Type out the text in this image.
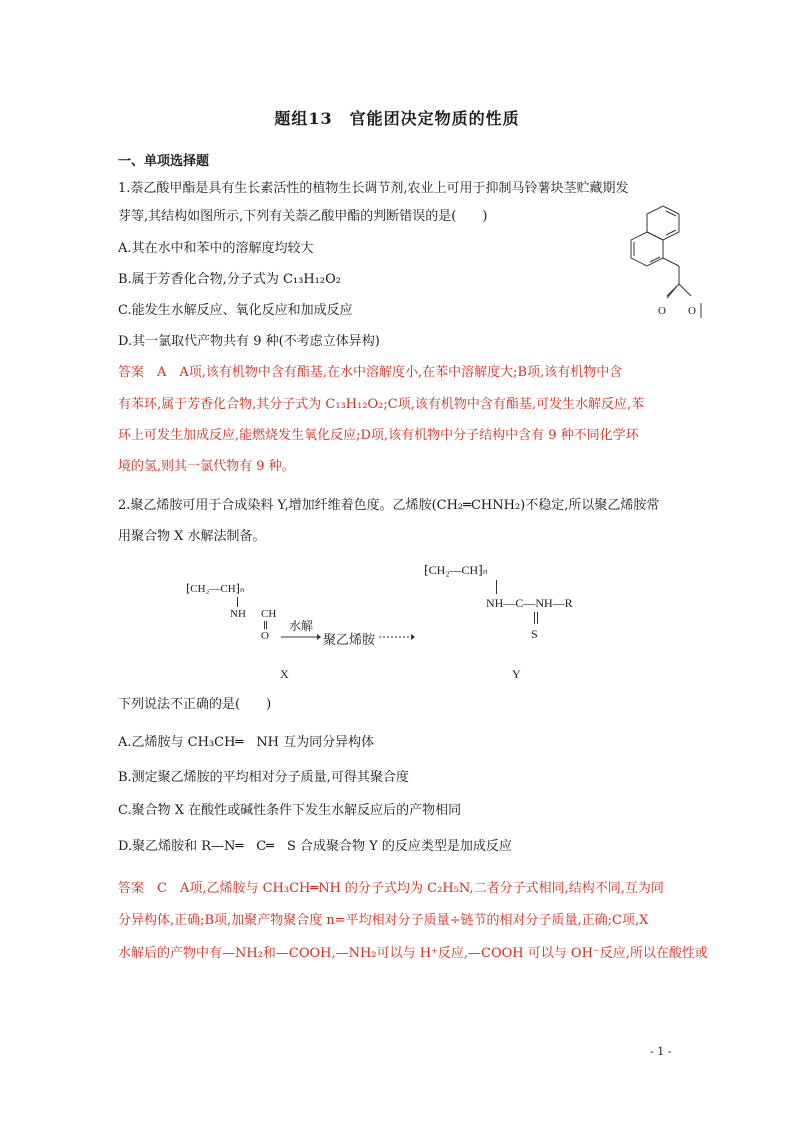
题组13　官能团决定物质的性质
一、单项选择题
1.萘乙酸甲酯是具有生长素活性的植物生长调节剂,农业上可用于抑制马铃薯块茎贮藏期发
芽等,其结构如图所示,下列有关萘乙酸甲酯的判断错误的是(　　)
A.其在水中和苯中的溶解度均较大
B.属于芳香化合物,分子式为 C₁₃H₁₂O₂
C.能发生水解反应、氧化反应和加成反应
D.其一氯取代产物共有 9 种(不考虑立体异构)
O O
答案　A　A项,该有机物中含有酯基,在水中溶解度小,在苯中溶解度大;B项,该有机物中含
有苯环,属于芳香化合物,其分子式为 C₁₃H₁₂O₂;C项,该有机物中含有酯基,可发生水解反应,苯
环上可发生加成反应,能燃烧发生氧化反应;D项,该有机物中分子结构中含有 9 种不同化学环
境的氢,则其一氯代物有 9 种。
2.聚乙烯胺可用于合成染料 Y,增加纤维着色度。乙烯胺(CH₂═CHNH₂)不稳定,所以聚乙烯胺常
用聚合物 X 水解法制备。
⁅CH₂—CH⁆ₙ
NH CH
O
水解
→ 聚乙烯胺 →
⁅CH₂—CH⁆ₙ
NH—C—NH—R
S
X	Y
下列说法不正确的是(　　)
A.乙烯胺与 CH₃CH═　NH 互为同分异构体
B.测定聚乙烯胺的平均相对分子质量,可得其聚合度
C.聚合物 X 在酸性或碱性条件下发生水解反应后的产物相同
D.聚乙烯胺和 R—N═　C═　S 合成聚合物 Y 的反应类型是加成反应
答案　C　A项,乙烯胺与 CH₃CH═NH 的分子式均为 C₂H₅N,二者分子式相同,结构不同,互为同
分异构体,正确;B项,加聚产物聚合度 n=平均相对分子质量÷链节的相对分子质量,正确;C项,X
水解后的产物中有—NH₂和—COOH,—NH₂可以与 H⁺反应,—COOH 可以与 OH⁻反应,所以在酸性或
- 1 -
